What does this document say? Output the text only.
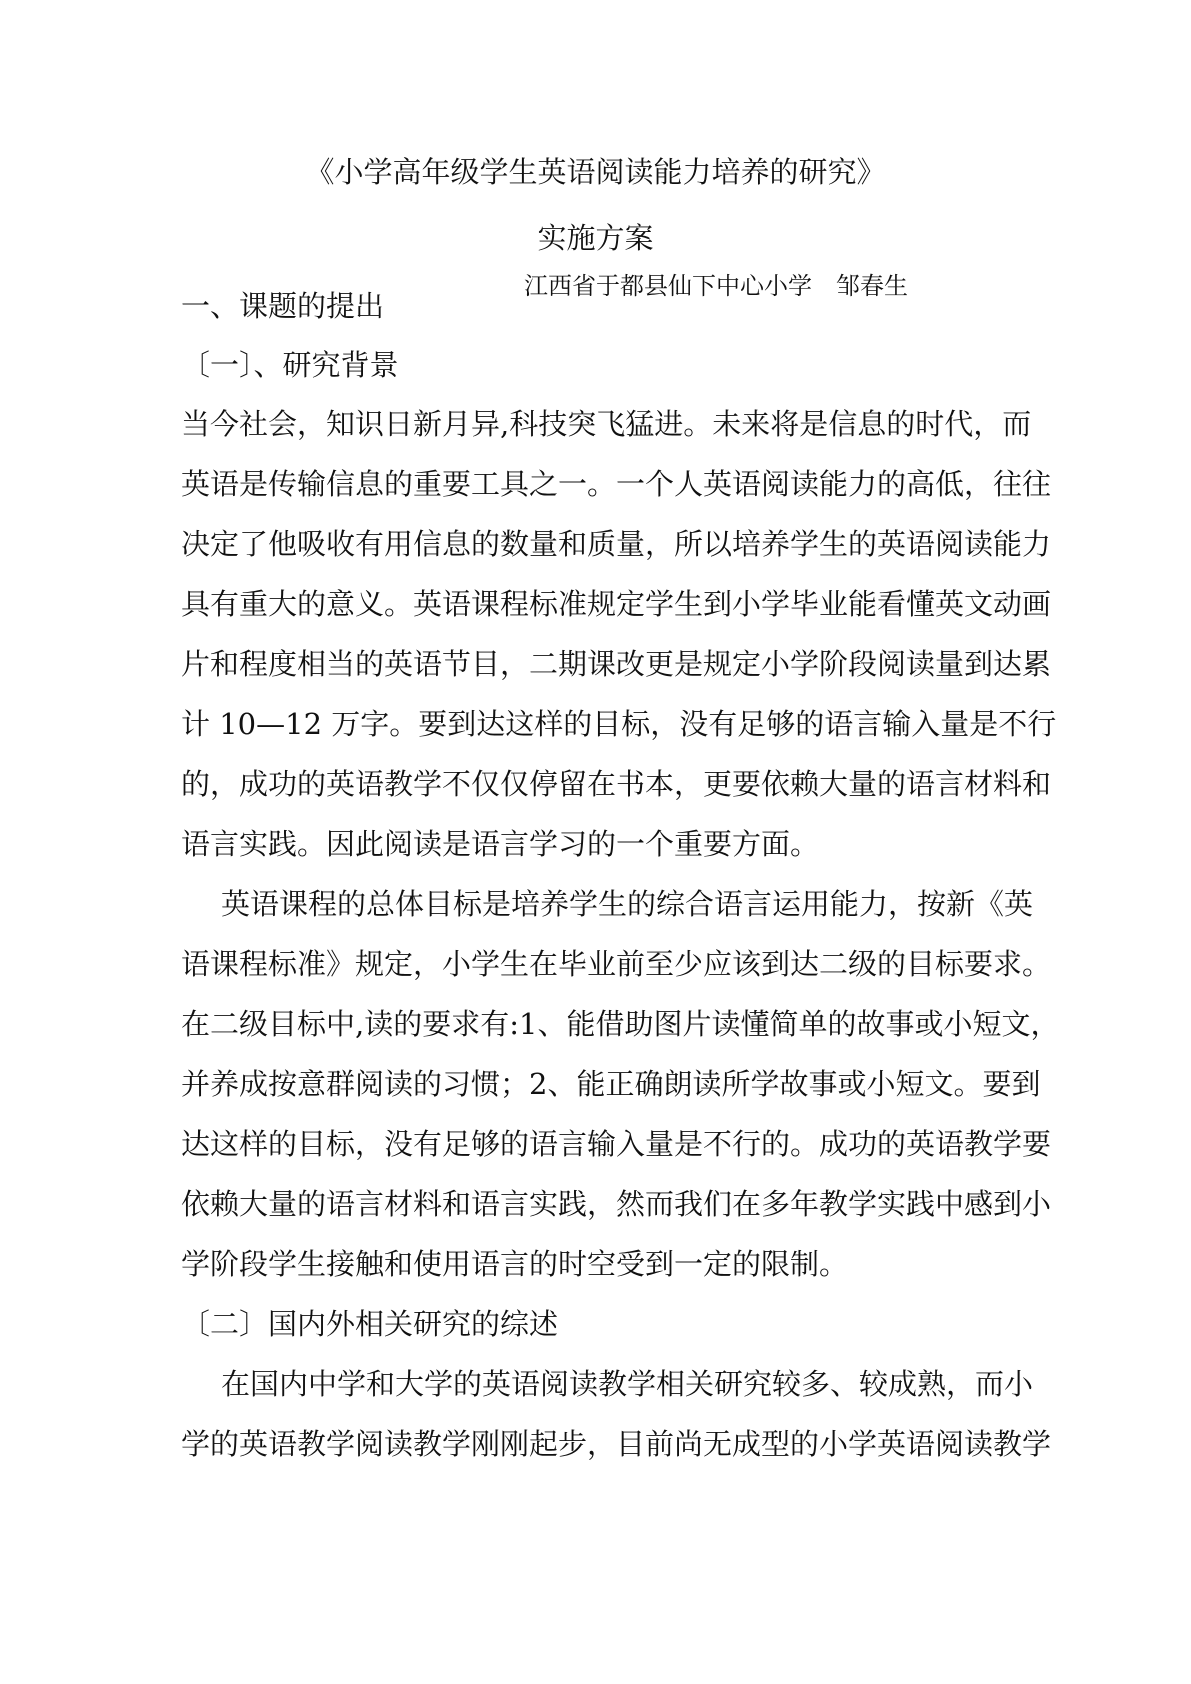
《小学高年级学生英语阅读能力培养的研究》
实施方案
江西省于都县仙下中心小学　邹春生
一、课题的提出
〔一〕、研究背景
当今社会，知识日新月异,科技突飞猛进。未来将是信息的时代，而
英语是传输信息的重要工具之一。一个人英语阅读能力的高低，往往
决定了他吸收有用信息的数量和质量，所以培养学生的英语阅读能力
具有重大的意义。英语课程标准规定学生到小学毕业能看懂英文动画
片和程度相当的英语节目，二期课改更是规定小学阶段阅读量到达累
计 10—12 万字。要到达这样的目标，没有足够的语言输入量是不行
的，成功的英语教学不仅仅停留在书本，更要依赖大量的语言材料和
语言实践。因此阅读是语言学习的一个重要方面。
英语课程的总体目标是培养学生的综合语言运用能力，按新《英
语课程标准》规定，小学生在毕业前至少应该到达二级的目标要求。
在二级目标中,读的要求有:1、能借助图片读懂简单的故事或小短文，
并养成按意群阅读的习惯；2、能正确朗读所学故事或小短文。要到
达这样的目标，没有足够的语言输入量是不行的。成功的英语教学要
依赖大量的语言材料和语言实践，然而我们在多年教学实践中感到小
学阶段学生接触和使用语言的时空受到一定的限制。
〔二〕国内外相关研究的综述
在国内中学和大学的英语阅读教学相关研究较多、较成熟，而小
学的英语教学阅读教学刚刚起步，目前尚无成型的小学英语阅读教学
